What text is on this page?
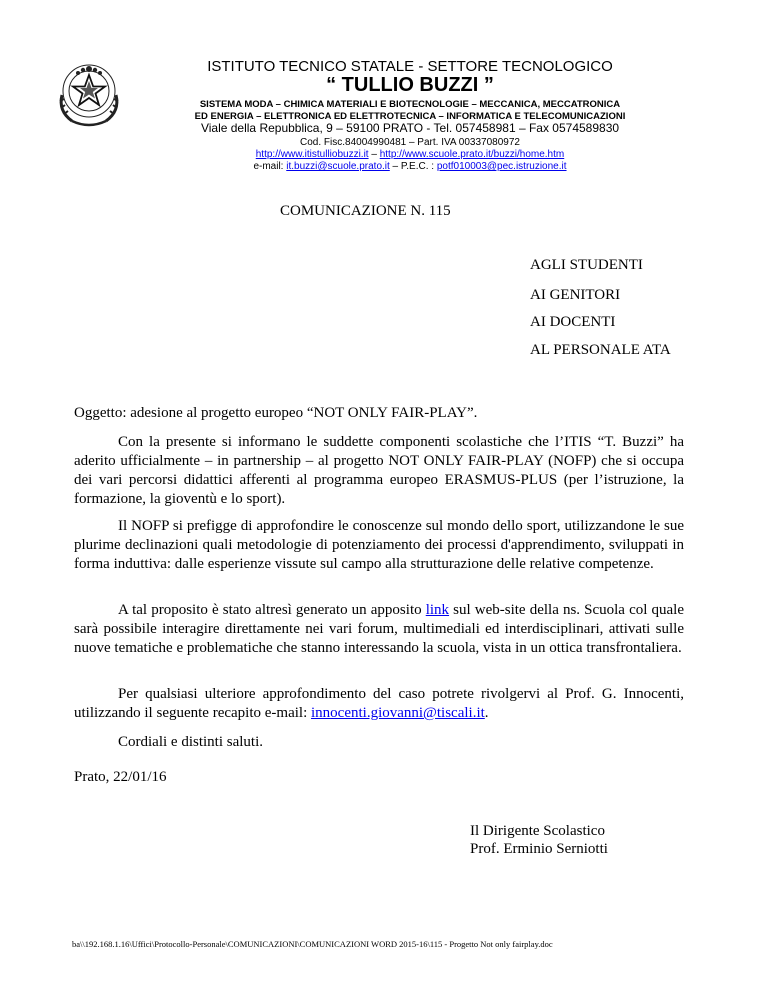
ISTITUTO TECNICO STATALE - SETTORE TECNOLOGICO
“ TULLIO BUZZI ”
SISTEMA MODA – CHIMICA MATERIALI E BIOTECNOLOGIE – MECCANICA, MECCATRONICA
ED ENERGIA – ELETTRONICA ED ELETTROTECNICA – INFORMATICA E TELECOMUNICAZIONI
Viale della Repubblica, 9 – 59100 PRATO - Tel. 057458981 – Fax 0574589830
Cod. Fisc.84004990481 – Part. IVA 00337080972
http://www.itistulliobuzzi.it – http://www.scuole.prato.it/buzzi/home.htm
e-mail: it.buzzi@scuole.prato.it – P.E.C. : potf010003@pec.istruzione.it
COMUNICAZIONE N. 115
AGLI STUDENTI
AI GENITORI
AI DOCENTI
AL PERSONALE ATA
Oggetto: adesione al progetto europeo “NOT ONLY FAIR-PLAY”.
Con la presente si informano le suddette componenti scolastiche che l’ITIS “T. Buzzi” ha aderito ufficialmente – in partnership – al progetto NOT ONLY FAIR-PLAY (NOFP) che si occupa dei vari percorsi didattici afferenti al programma europeo ERASMUS-PLUS (per l’istruzione, la formazione, la gioventù e lo sport).
Il NOFP si prefigge di approfondire le conoscenze sul mondo dello sport, utilizzandone le sue plurime declinazioni quali metodologie di potenziamento dei processi d'apprendimento, sviluppati in forma induttiva: dalle esperienze vissute sul campo alla strutturazione delle relative competenze.
A tal proposito è stato altresì generato un apposito link sul web-site della ns. Scuola col quale sarà possibile interagire direttamente nei vari forum, multimediali ed interdisciplinari, attivati sulle nuove tematiche e problematiche che stanno interessando la scuola, vista in un ottica transfrontaliera.
Per qualsiasi ulteriore approfondimento del caso potrete rivolgervi al Prof. G. Innocenti, utilizzando il seguente recapito e-mail: innocenti.giovanni@tiscali.it.
Cordiali e distinti saluti.
Prato, 22/01/16
Il Dirigente Scolastico
Prof. Erminio Serniotti
ba\\192.168.1.16\Uffici\Protocollo-Personale\COMUNICAZIONI\COMUNICAZIONI WORD 2015-16\115 - Progetto Not only fairplay.doc
